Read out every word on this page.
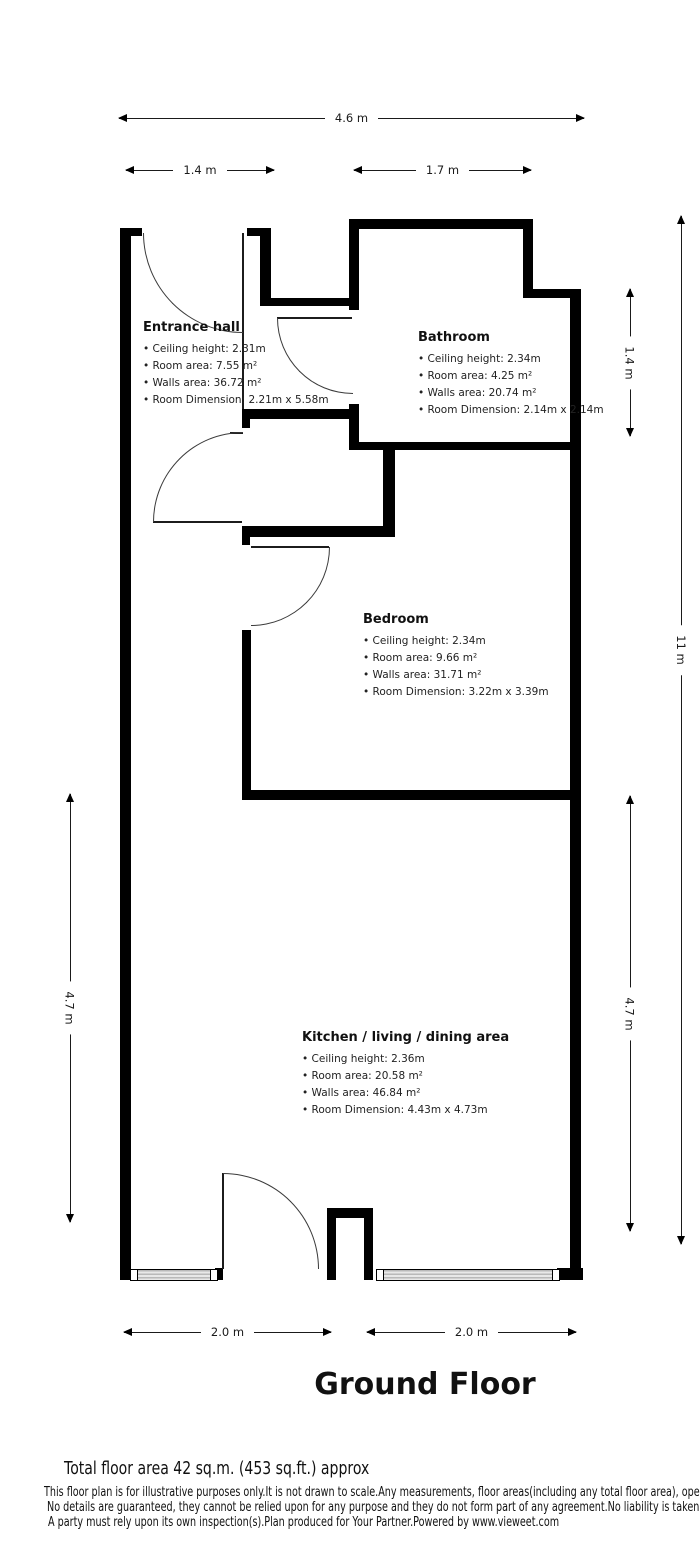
4.6 m
1.4 m	1.7 m
2.0 m	2.0 m
4.7 m
1.4 m
11 m
4.7 m
Entrance hall
• Ceiling height: 2.31m
• Room area: 7.55 m²
• Walls area: 36.72 m²
• Room Dimension: 2.21m x 5.58m
Bathroom
• Ceiling height: 2.34m
• Room area: 4.25 m²
• Walls area: 20.74 m²
• Room Dimension: 2.14m x 2.14m
Bedroom
• Ceiling height: 2.34m
• Room area: 9.66 m²
• Walls area: 31.71 m²
• Room Dimension: 3.22m x 3.39m
Kitchen / living / dining area
• Ceiling height: 2.36m
• Room area: 20.58 m²
• Walls area: 46.84 m²
• Room Dimension: 4.43m x 4.73m
Ground Floor
Total floor area 42 sq.m. (453 sq.ft.) approx
This floor plan is for illustrative purposes only.It is not drawn to scale.Any measurements, floor areas(including any total floor area), ope
No details are guaranteed, they cannot be relied upon for any purpose and they do not form part of any agreement.No liability is taken
A party must rely upon its own inspection(s).Plan produced for Your Partner.Powered by www.vieweet.com
